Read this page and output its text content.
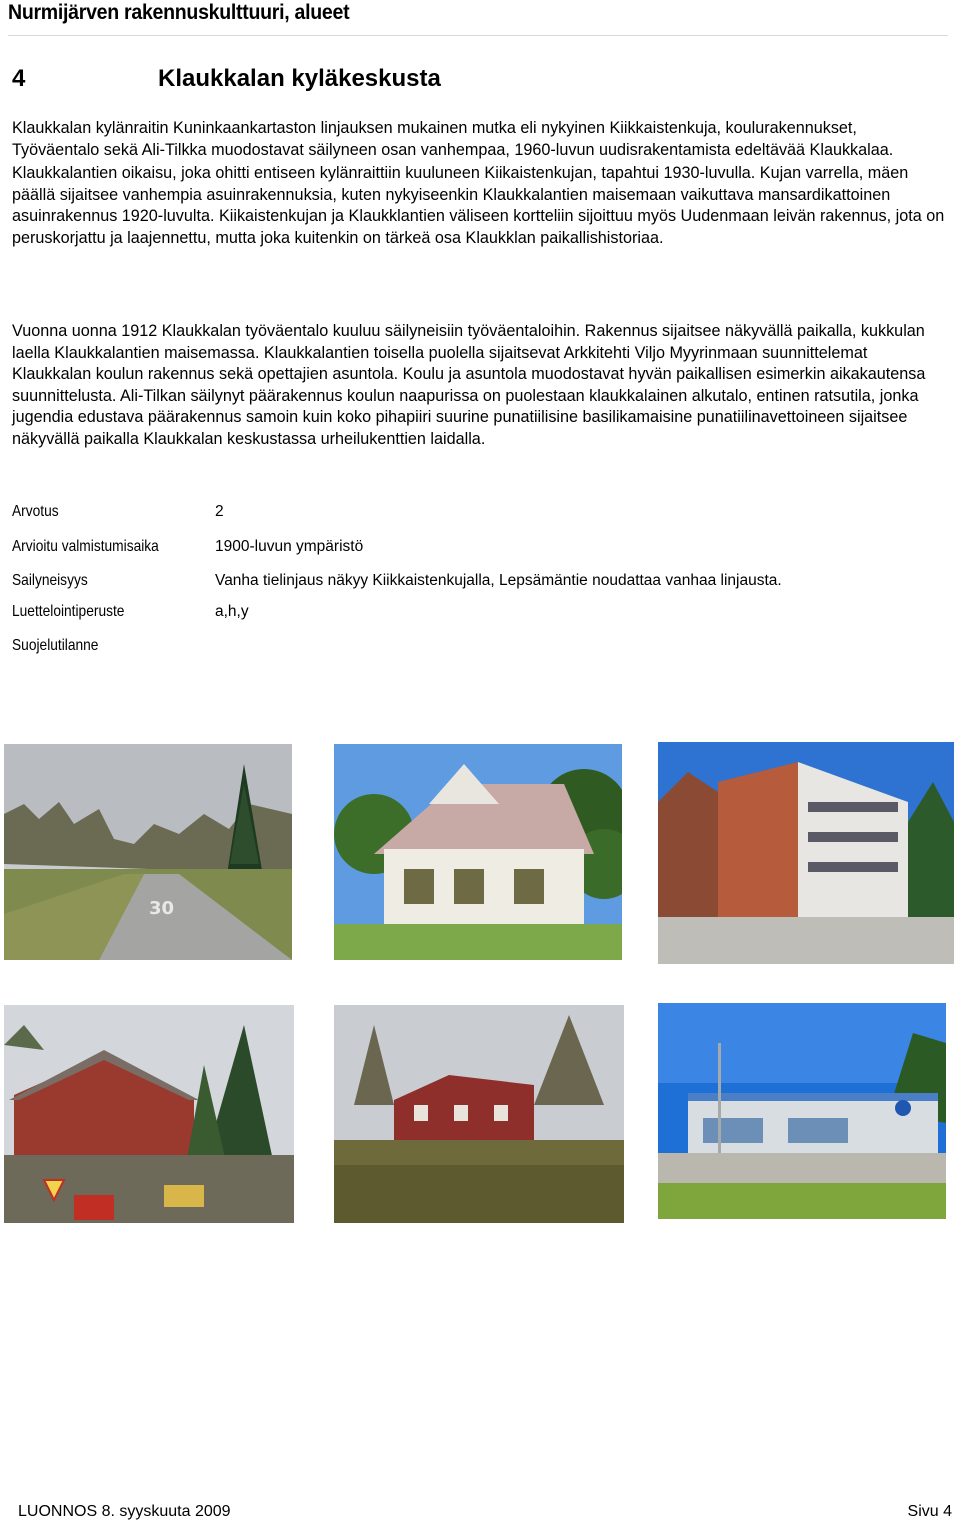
Nurmijärven rakennuskulttuuri, alueet
4	Klaukkalan kyläkeskusta

Klaukkalan kylänraitin Kuninkaankartaston linjauksen mukainen mutka eli nykyinen Kiikkaistenkuja, koulurakennukset, Työväentalo sekä Ali-Tilkka muodostavat säilyneen osan vanhempaa, 1960-luvun uudisrakentamista edeltävää Klaukkalaa.

Klaukkalantien oikaisu, joka ohitti entiseen kylänraittiin kuuluneen Kiikaistenkujan, tapahtui 1930-luvulla. Kujan varrella, mäen päällä sijaitsee vanhempia asuinrakennuksia, kuten nykyiseenkin Klaukkalantien maisemaan vaikuttava mansardikattoinen asuinrakennus 1920-luvulta. Kiikaistenkujan ja Klaukklantien väliseen kortteliin sijoittuu myös Uudenmaan leivän rakennus, jota on peruskorjattu ja laajennettu, mutta joka kuitenkin on tärkeä osa Klaukklan paikallishistoriaa.

Vuonna uonna 1912 Klaukkalan työväentalo kuuluu säilyneisiin työväentaloihin. Rakennus sijaitsee näkyvällä paikalla, kukkulan laella Klaukkalantien maisemassa. Klaukkalantien toisella puolella sijaitsevat Arkkitehti Viljo Myyrinmaan suunnittelemat Klaukkalan koulun rakennus sekä opettajien asuntola. Koulu ja asuntola muodostavat hyvän paikallisen esimerkin aikakautensa suunnittelusta. Ali-Tilkan säilynyt päärakennus koulun naapurissa on puolestaan klaukkalainen alkutalo, entinen ratsutila, jonka jugendia edustava päärakennus samoin kuin koko pihapiiri suurine punatiilisine basilikamaisine punatiilinavettoineen sijaitsee näkyvällä paikalla Klaukkalan keskustassa urheilukenttien laidalla.

Arvotus	2
Arvioitu valmistumisaika	1900-luvun ympäristö
Sailyneisyys	Vanha tielinjaus näkyy Kiikkaistenkujalla, Lepsämäntie noudattaa vanhaa linjausta.
Luettelointiperuste	a,h,y
Suojelutilanne
30
LUONNOS 8. syyskuuta 2009	Sivu 4
